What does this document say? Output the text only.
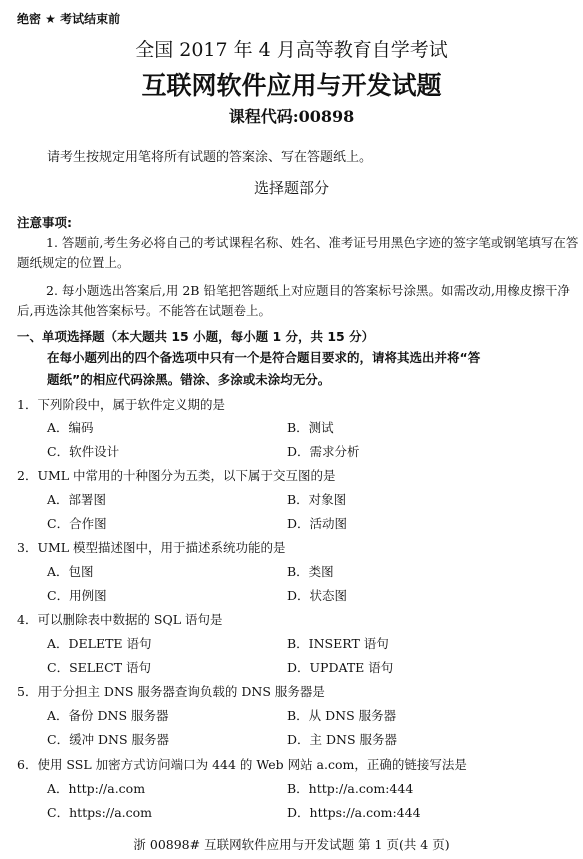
绝密 ★ 考试结束前
全国 2017 年 4 月高等教育自学考试
互联网软件应用与开发试题
课程代码:00898
请考生按规定用笔将所有试题的答案涂、写在答题纸上。
选择题部分
注意事项:
1. 答题前,考生务必将自己的考试课程名称、姓名、准考证号用黑色字迹的签字笔或钢笔填写在答题纸规定的位置上。
2. 每小题选出答案后,用 2B 铅笔把答题纸上对应题目的答案标号涂黑。如需改动,用橡皮擦干净后,再选涂其他答案标号。不能答在试题卷上。
一、单项选择题（本大题共 15 小题，每小题 1 分，共 15 分）
在每小题列出的四个备选项中只有一个是符合题目要求的，请将其选出并将“答
题纸”的相应代码涂黑。错涂、多涂或未涂均无分。
1．下列阶段中，属于软件定义期的是
A．编码	B．测试
C．软件设计	D．需求分析
2．UML 中常用的十种图分为五类，以下属于交互图的是
A．部署图	B．对象图
C．合作图	D．活动图
3．UML 模型描述图中，用于描述系统功能的是
A．包图	B．类图
C．用例图	D．状态图
4．可以删除表中数据的 SQL 语句是
A．DELETE 语句	B．INSERT 语句
C．SELECT 语句	D．UPDATE 语句
5．用于分担主 DNS 服务器查询负载的 DNS 服务器是
A．备份 DNS 服务器	B．从 DNS 服务器
C．缓冲 DNS 服务器	D．主 DNS 服务器
6．使用 SSL 加密方式访问端口为 444 的 Web 网站 a.com，正确的链接写法是
A．http://a.com	B．http://a.com:444
C．https://a.com	D．https://a.com:444
浙 00898# 互联网软件应用与开发试题 第 1 页(共 4 页)
